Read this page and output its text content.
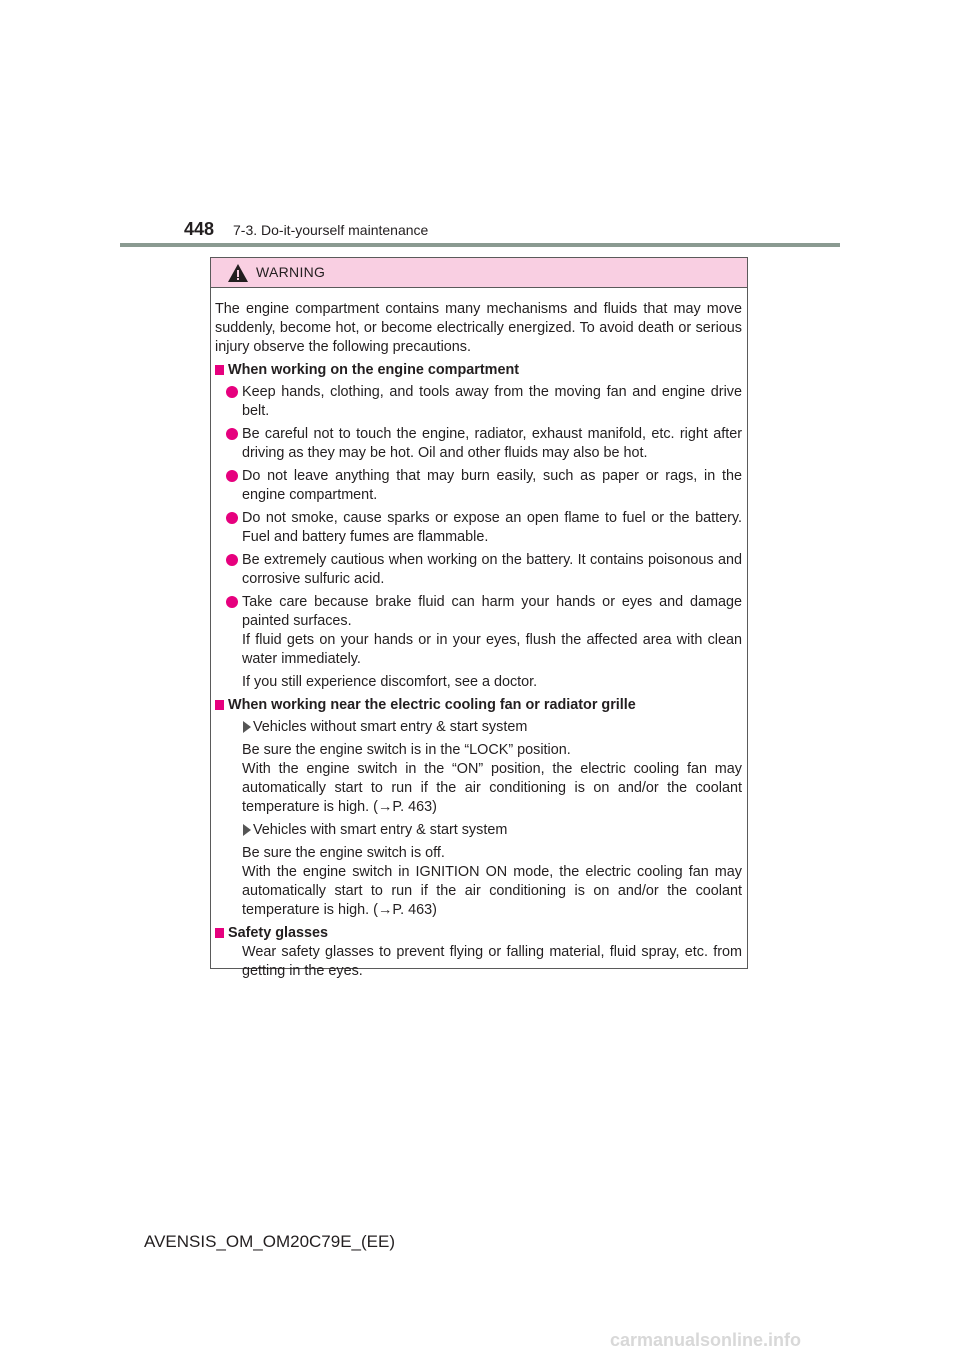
448 7-3. Do-it-yourself maintenance
WARNING

The engine compartment contains many mechanisms and fluids that may move suddenly, become hot, or become electrically energized. To avoid death or serious injury observe the following precautions.

When working on the engine compartment
Keep hands, clothing, and tools away from the moving fan and engine drive belt.
Be careful not to touch the engine, radiator, exhaust manifold, etc. right after driving as they may be hot. Oil and other fluids may also be hot.
Do not leave anything that may burn easily, such as paper or rags, in the engine compartment.
Do not smoke, cause sparks or expose an open flame to fuel or the battery. Fuel and battery fumes are flammable.
Be extremely cautious when working on the battery. It contains poisonous and corrosive sulfuric acid.
Take care because brake fluid can harm your hands or eyes and damage painted surfaces.

If fluid gets on your hands or in your eyes, flush the affected area with clean water immediately.

If you still experience discomfort, see a doctor.

When working near the electric cooling fan or radiator grille
Vehicles without smart entry & start system

Be sure the engine switch is in the “LOCK” position.

With the engine switch in the “ON” position, the electric cooling fan may automatically start to run if the air conditioning is on and/or the coolant temperature is high. (→P. 463)

Vehicles with smart entry & start system

Be sure the engine switch is off.

With the engine switch in IGNITION ON mode, the electric cooling fan may automatically start to run if the air conditioning is on and/or the coolant temperature is high. (→P. 463)

Safety glasses

Wear safety glasses to prevent flying or falling material, fluid spray, etc. from getting in the eyes.

AVENSIS_OM_OM20C79E_(EE)
carmanualsonline.info
